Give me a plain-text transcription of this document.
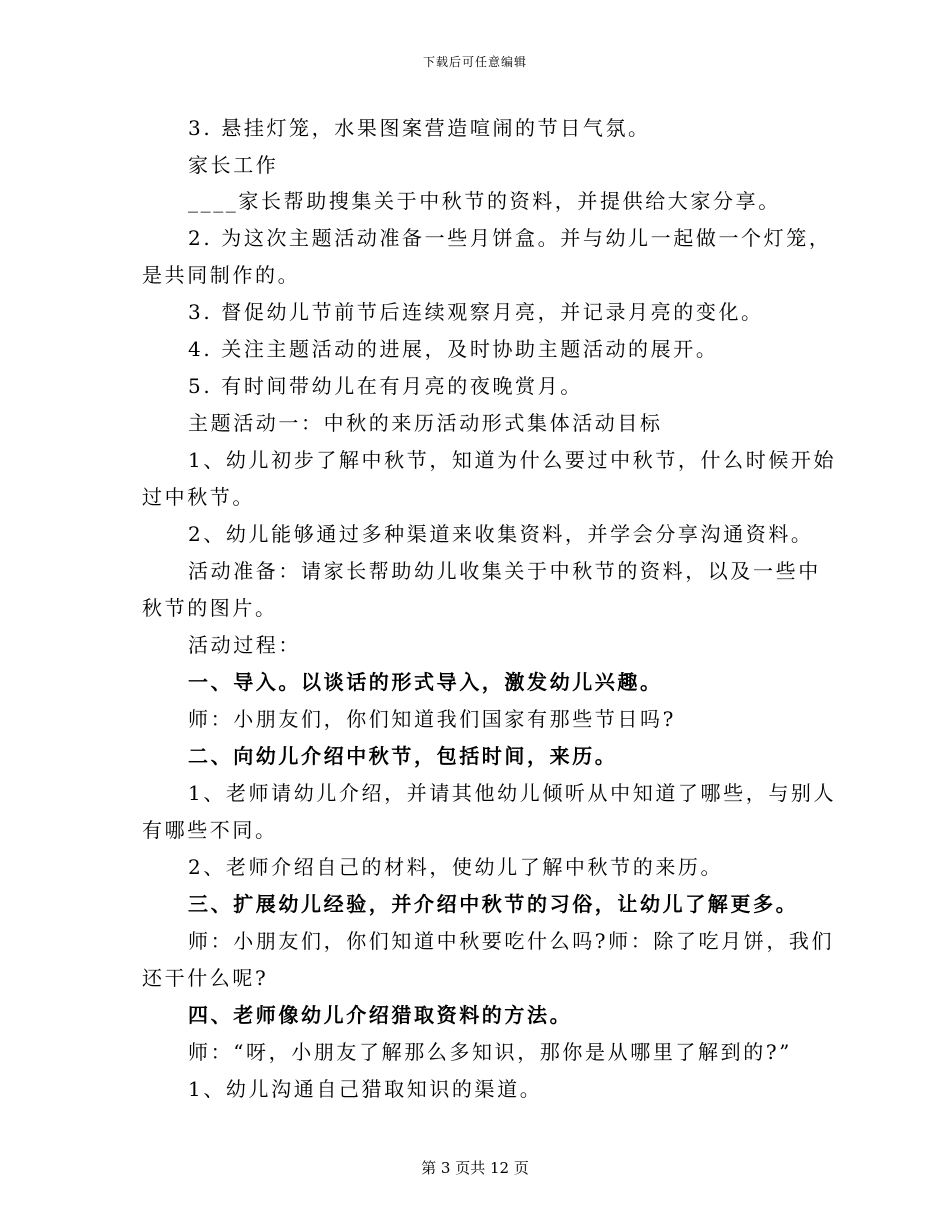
下载后可任意编辑
3. 悬挂灯笼，水果图案营造喧闹的节日气氛。
家长工作
____家长帮助搜集关于中秋节的资料，并提供给大家分享。
2. 为这次主题活动准备一些月饼盒。并与幼儿一起做一个灯笼，
是共同制作的。
3. 督促幼儿节前节后连续观察月亮，并记录月亮的变化。
4. 关注主题活动的进展，及时协助主题活动的展开。
5. 有时间带幼儿在有月亮的夜晚赏月。
主题活动一：中秋的来历活动形式集体活动目标
1、幼儿初步了解中秋节，知道为什么要过中秋节，什么时候开始
过中秋节。
2、幼儿能够通过多种渠道来收集资料，并学会分享沟通资料。
活动准备：请家长帮助幼儿收集关于中秋节的资料，以及一些中
秋节的图片。
活动过程：
一、导入。以谈话的形式导入，激发幼儿兴趣。
师：小朋友们，你们知道我们国家有那些节日吗?
二、向幼儿介绍中秋节，包括时间，来历。
1、老师请幼儿介绍，并请其他幼儿倾听从中知道了哪些，与别人
有哪些不同。
2、老师介绍自己的材料，使幼儿了解中秋节的来历。
三、扩展幼儿经验，并介绍中秋节的习俗，让幼儿了解更多。
师：小朋友们，你们知道中秋要吃什么吗?师：除了吃月饼，我们
还干什么呢?
四、老师像幼儿介绍猎取资料的方法。
师：“呀，小朋友了解那么多知识，那你是从哪里了解到的?”
1、幼儿沟通自己猎取知识的渠道。
第 3 页共 12 页
